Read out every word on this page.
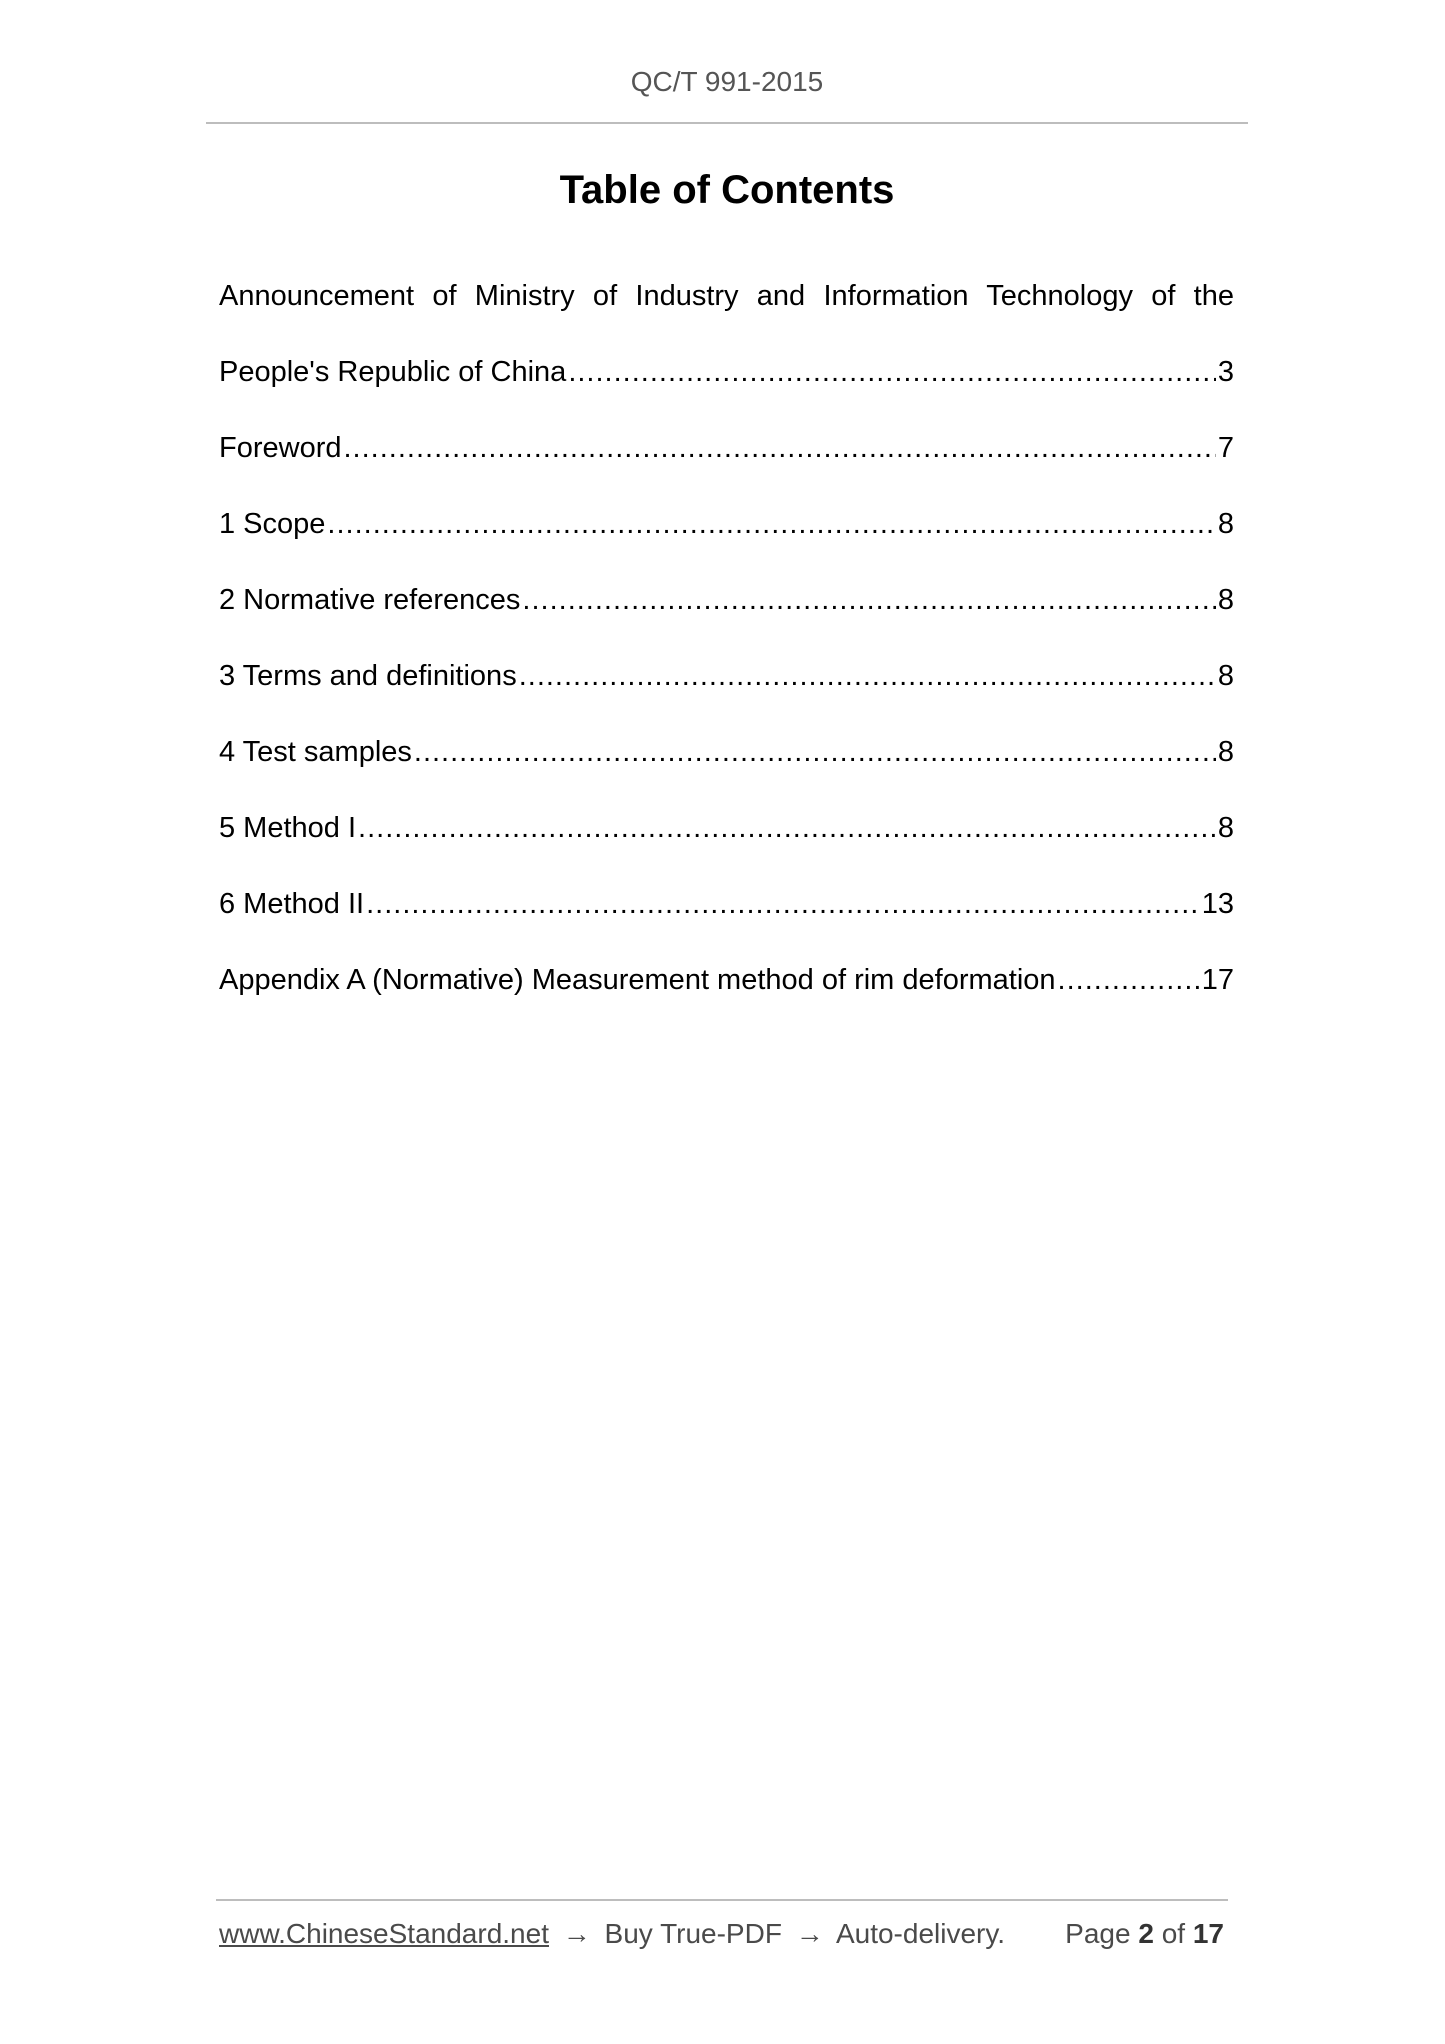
QC/T 991-2015
Table of Contents
Announcement of Ministry of Industry and Information Technology of the
People's Republic of China .....	3
Foreword .....	7
1 Scope .....	8
2 Normative references .....	8
3 Terms and definitions .....	8
4 Test samples .....	8
5 Method I .....	8
6 Method II .....	13
Appendix A (Normative) Measurement method of rim deformation .....	17
www.ChineseStandard.net → Buy True-PDF → Auto-delivery. Page 2 of 17
